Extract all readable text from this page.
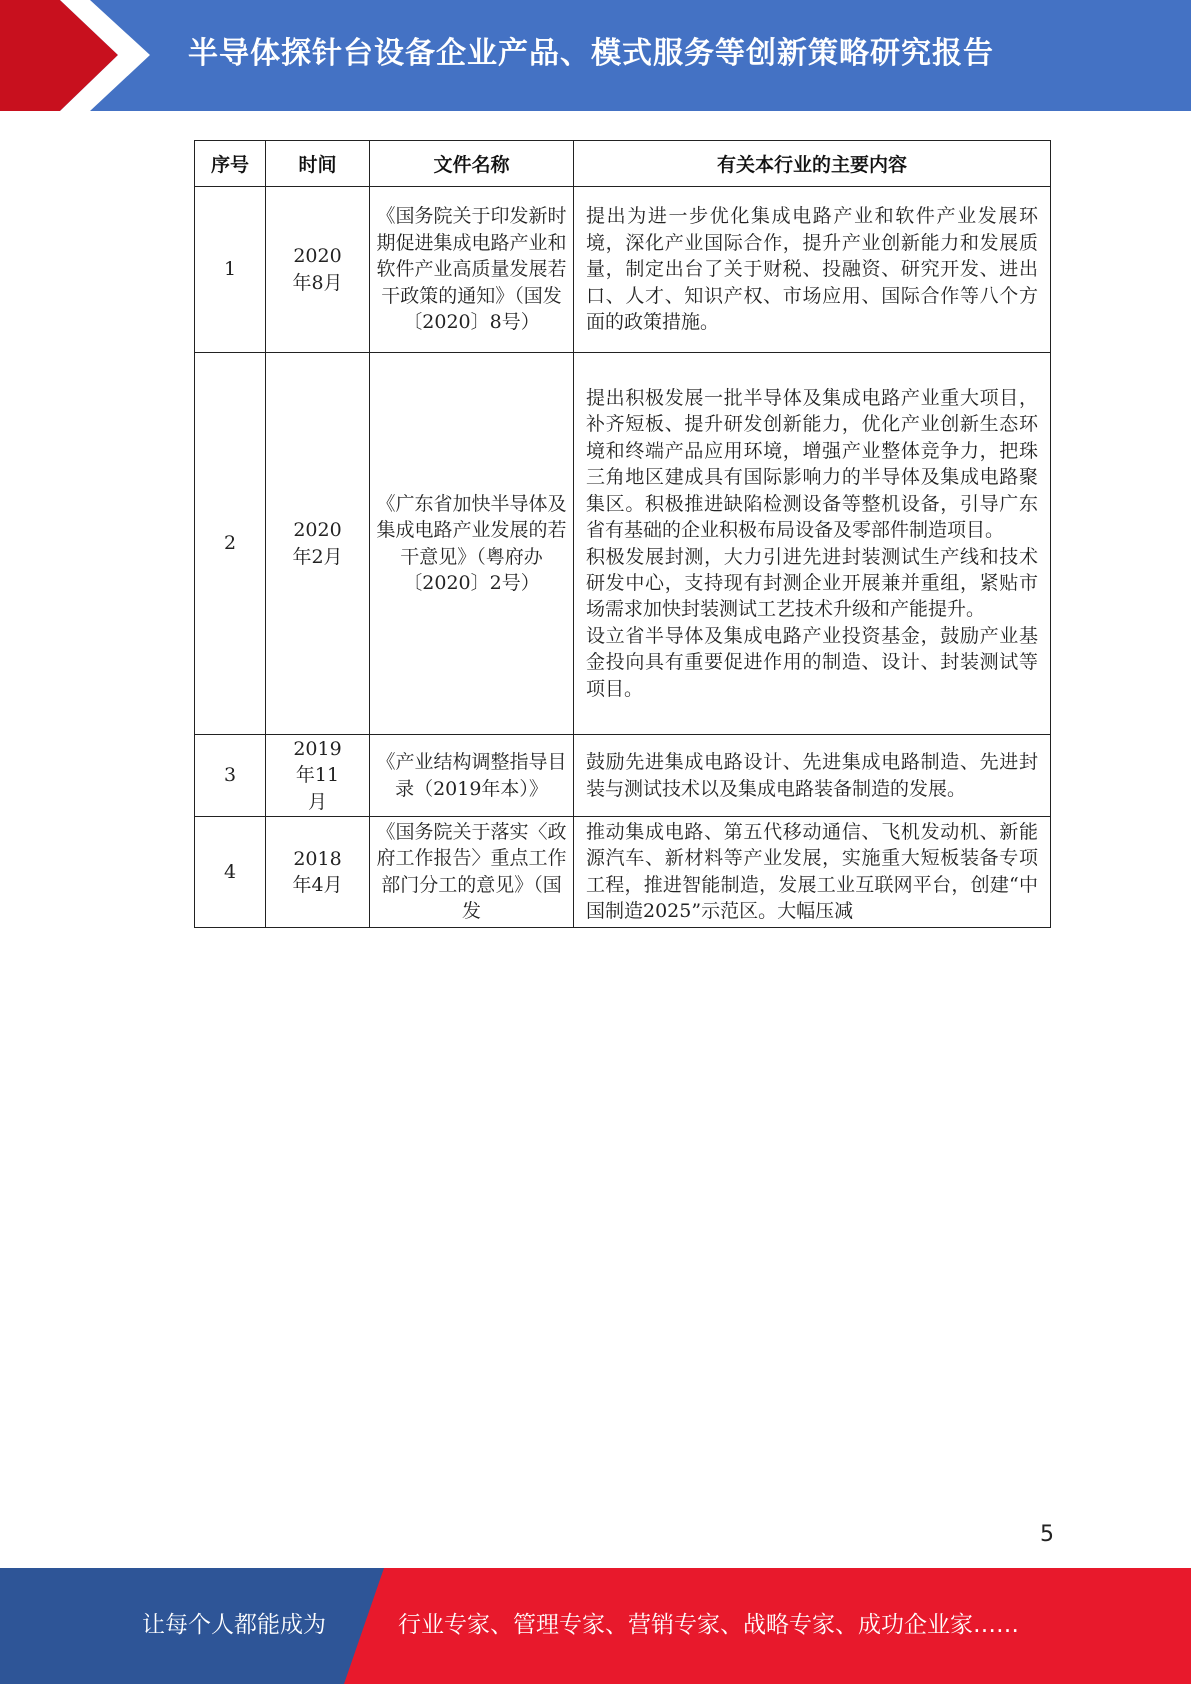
半导体探针台设备企业产品、模式服务等创新策略研究报告
序号	时间	文件名称	有关本行业的主要内容
1	2020年8月	《国务院关于印发新时期促进集成电路产业和软件产业高质量发展若干政策的通知》（国发〔2020〕8号）	提出为进一步优化集成电路产业和软件产业发展环境，深化产业国际合作，提升产业创新能力和发展质量，制定出台了关于财税、投融资、研究开发、进出口、人才、知识产权、市场应用、国际合作等八个方面的政策措施。

2	2020年2月	《广东省加快半导体及集成电路产业发展的若干意见》（粤府办〔2020〕2号）	提出积极发展一批半导体及集成电路产业重大项目，补齐短板、提升研发创新能力，优化产业创新生态环境和终端产品应用环境，增强产业整体竞争力，把珠三角地区建成具有国际影响力的半导体及集成电路聚集区。积极推进缺陷检测设备等整机设备，引导广东省有基础的企业积极布局设备及零部件制造项目。
积极发展封测，大力引进先进封装测试生产线和技术研发中心，支持现有封测企业开展兼并重组，紧贴市场需求加快封装测试工艺技术升级和产能提升。
设立省半导体及集成电路产业投资基金，鼓励产业基金投向具有重要促进作用的制造、设计、封装测试等项目。

3	2019年11月	《产业结构调整指导目录（2019年本）》	鼓励先进集成电路设计、先进集成电路制造、先进封装与测试技术以及集成电路装备制造的发展。

4	2018年4月	《国务院关于落实〈政府工作报告〉重点工作部门分工的意见》（国发	推动集成电路、第五代移动通信、飞机发动机、新能源汽车、新材料等产业发展，实施重大短板装备专项工程，推进智能制造，发展工业互联网平台，创建“中国制造2025”示范区。大幅压减
5
让每个人都能成为	行业专家、管理专家、营销专家、战略专家、成功企业家……
